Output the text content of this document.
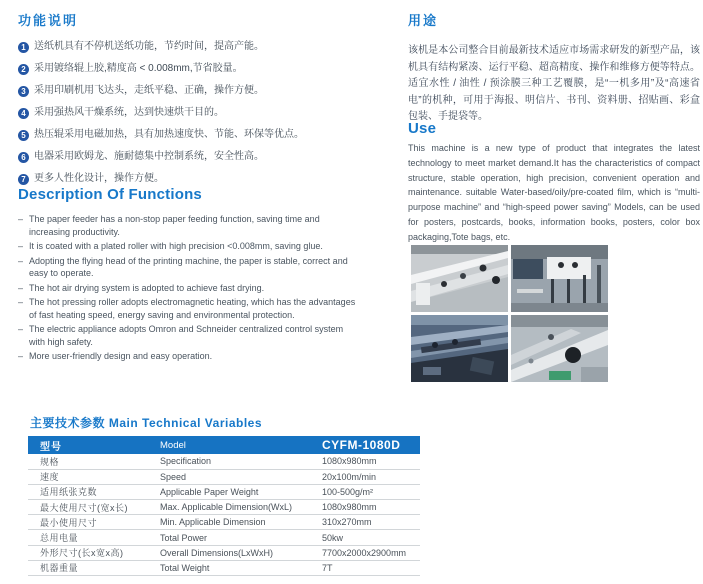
功能说明
1 送纸机具有不停机送纸功能，节约时间，提高产能。
2 采用镀络辊上胶,精度高 < 0.008mm,节省胶量。
3 采用印刷机用飞达头，走纸平稳、正确，操作方便。
4 采用强热风干燥系统，达到快速烘干目的。
5 热压辊采用电磁加热，具有加热速度快、节能、环保等优点。
6 电器采用欧姆龙、施耐德集中控制系统，安全性高。
7 更多人性化设计，操作方便。
Description Of Functions
– The paper feeder has a non-stop paper feeding function, saving time and increasing productivity.
– It is coated with a plated roller with high precision <0.008mm, saving glue.
– Adopting the flying head of the printing machine, the paper is stable, correct and easy to operate.
– The hot air drying system is adopted to achieve fast drying.
– The hot pressing roller adopts electromagnetic heating, which has the advantages of fast heating speed, energy saving and environmental protection.
– The electric appliance adopts Omron and Schneider centralized control system with high safety.
– More user-friendly design and easy operation.
用途

该机是本公司整合目前最新技术适应市场需求研发的新型产品，该机具有结构紧凑、运行平稳、超高精度、操作和维修方便等特点。适宜水性 / 油性 / 预涂膜三种工艺覆膜，是“一机多用”及“高速省电”的机种，可用于海报、明信片、书刊、资料册、招贴画、彩盒包装、手提袋等。

Use

This machine is a new type of product that integrates the latest technology to meet market demand.It has the characteristics of compact structure, stable operation, high precision, convenient operation and maintenance. suitable Water-based/oily/pre-coated film, which is “multi-purpose machine” and “high-speed power saving” Models, can be used for posters, postcards, books, information books, posters, color box packaging,Tote bags, etc.

主要技术参数 Main Technical Variables
型号	Model	CYFM-1080D
规格	Specification	1080x980mm
速度	Speed	20x100m/min
适用纸张克数	Applicable Paper Weight	100-500g/m²
最大使用尺寸(宽x长)	Max. Applicable Dimension(WxL)	1080x980mm
最小使用尺寸	Min. Applicable Dimension	310x270mm
总用电量	Total Power	50kw
外形尺寸(长x宽x高)	Overall Dimensions(LxWxH)	7700x2000x2900mm
机器重量	Total Weight	7T
